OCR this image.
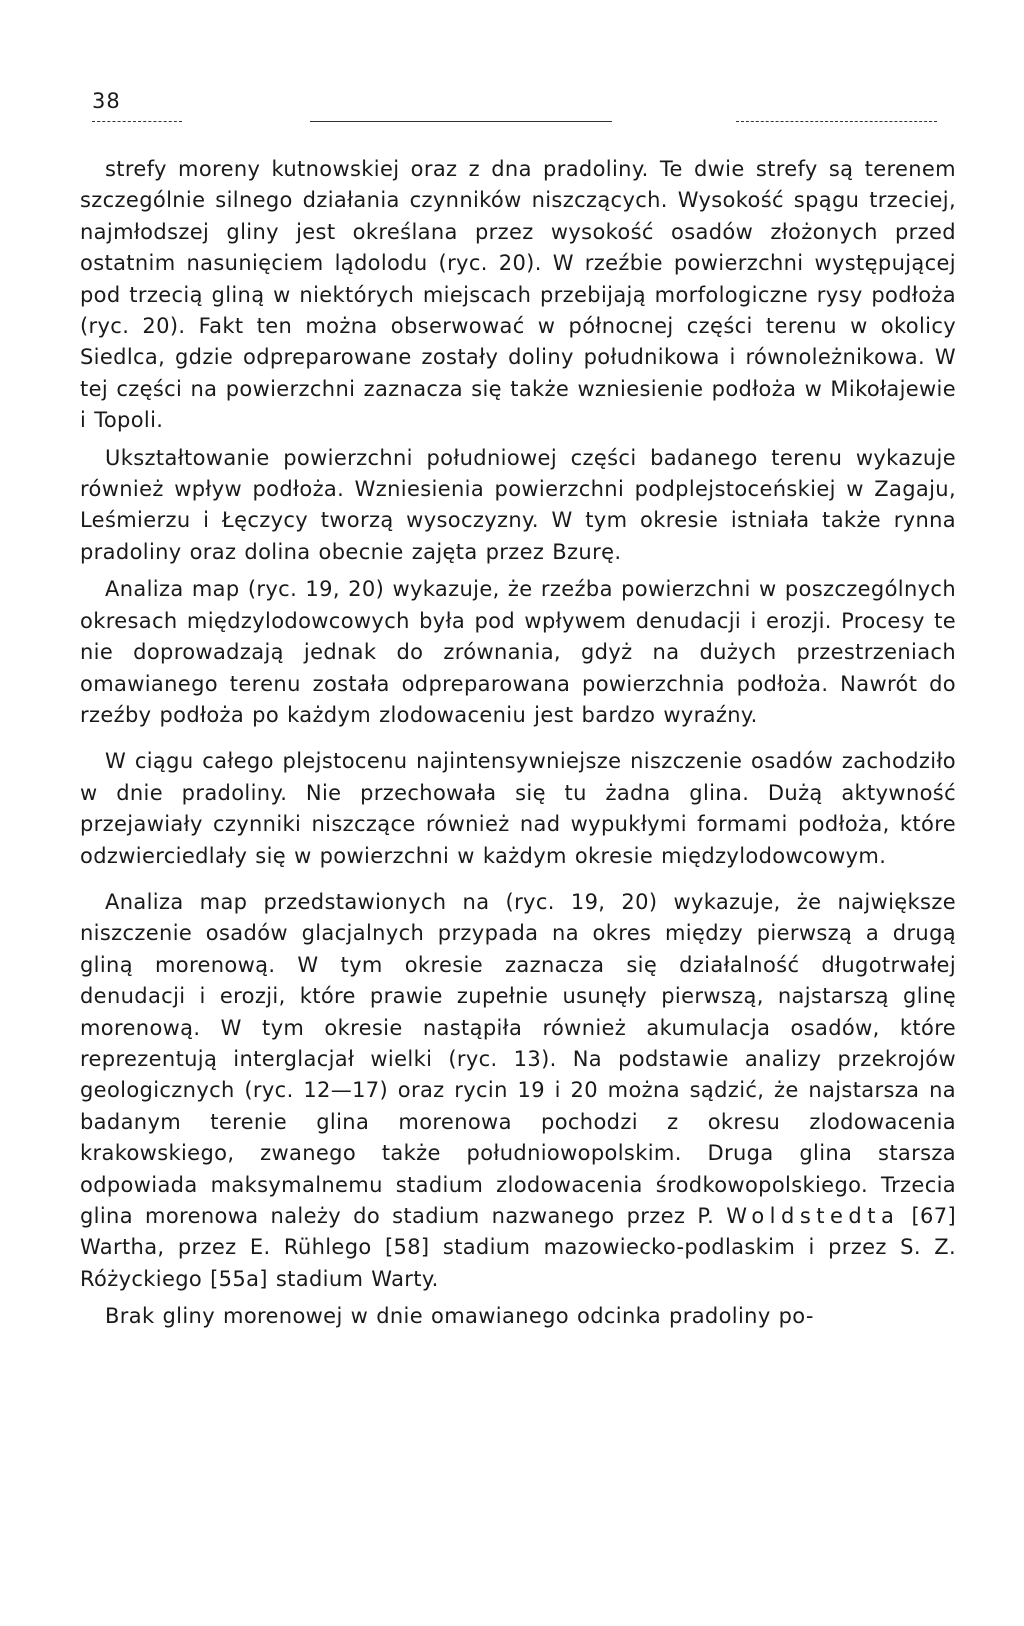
38

strefy moreny kutnowskiej oraz z dna pradoliny. Te dwie strefy są terenem szczególnie silnego działania czynników niszczących. Wysokość spągu trzeciej, najmłodszej gliny jest określana przez wysokość osadów złożonych przed ostatnim nasunięciem lądolodu (ryc. 20). W rzeźbie powierzchni występującej pod trzecią gliną w niektórych miejscach przebijają morfologiczne rysy podłoża (ryc. 20). Fakt ten można obserwować w północnej części terenu w okolicy Siedlca, gdzie odpreparowane zostały doliny południkowa i równoleżnikowa. W tej części na powierzchni zaznacza się także wzniesienie podłoża w Mikołajewie i Topoli.

Ukształtowanie powierzchni południowej części badanego terenu wykazuje również wpływ podłoża. Wzniesienia powierzchni podplejstoceńskiej w Zagaju, Leśmierzu i Łęczycy tworzą wysoczyzny. W tym okresie istniała także rynna pradoliny oraz dolina obecnie zajęta przez Bzurę.

Analiza map (ryc. 19, 20) wykazuje, że rzeźba powierzchni w poszczególnych okresach międzylodowcowych była pod wpływem denudacji i erozji. Procesy te nie doprowadzają jednak do zrównania, gdyż na dużych przestrzeniach omawianego terenu została odpreparowana powierzchnia podłoża. Nawrót do rzeźby podłoża po każdym zlodowaceniu jest bardzo wyraźny.

W ciągu całego plejstocenu najintensywniejsze niszczenie osadów zachodziło w dnie pradoliny. Nie przechowała się tu żadna glina. Dużą aktywność przejawiały czynniki niszczące również nad wypukłymi formami podłoża, które odzwierciedlały się w powierzchni w każdym okresie międzylodowcowym.

Analiza map przedstawionych na (ryc. 19, 20) wykazuje, że największe niszczenie osadów glacjalnych przypada na okres między pierwszą a drugą gliną morenową. W tym okresie zaznacza się działalność długotrwałej denudacji i erozji, które prawie zupełnie usunęły pierwszą, najstarszą glinę morenową. W tym okresie nastąpiła również akumulacja osadów, które reprezentują interglacjał wielki (ryc. 13). Na podstawie analizy przekrojów geologicznych (ryc. 12—17) oraz rycin 19 i 20 można sądzić, że najstarsza na badanym terenie glina morenowa pochodzi z okresu zlodowacenia krakowskiego, zwanego także południowopolskim. Druga glina starsza odpowiada maksymalnemu stadium zlodowacenia środkowopolskiego. Trzecia glina morenowa należy do stadium nazwanego przez P. Woldstedta [67] Wartha, przez E. Rühlego [58] stadium mazowiecko-podlaskim i przez S. Z. Różyckiego [55a] stadium Warty.

Brak gliny morenowej w dnie omawianego odcinka pradoliny po-
